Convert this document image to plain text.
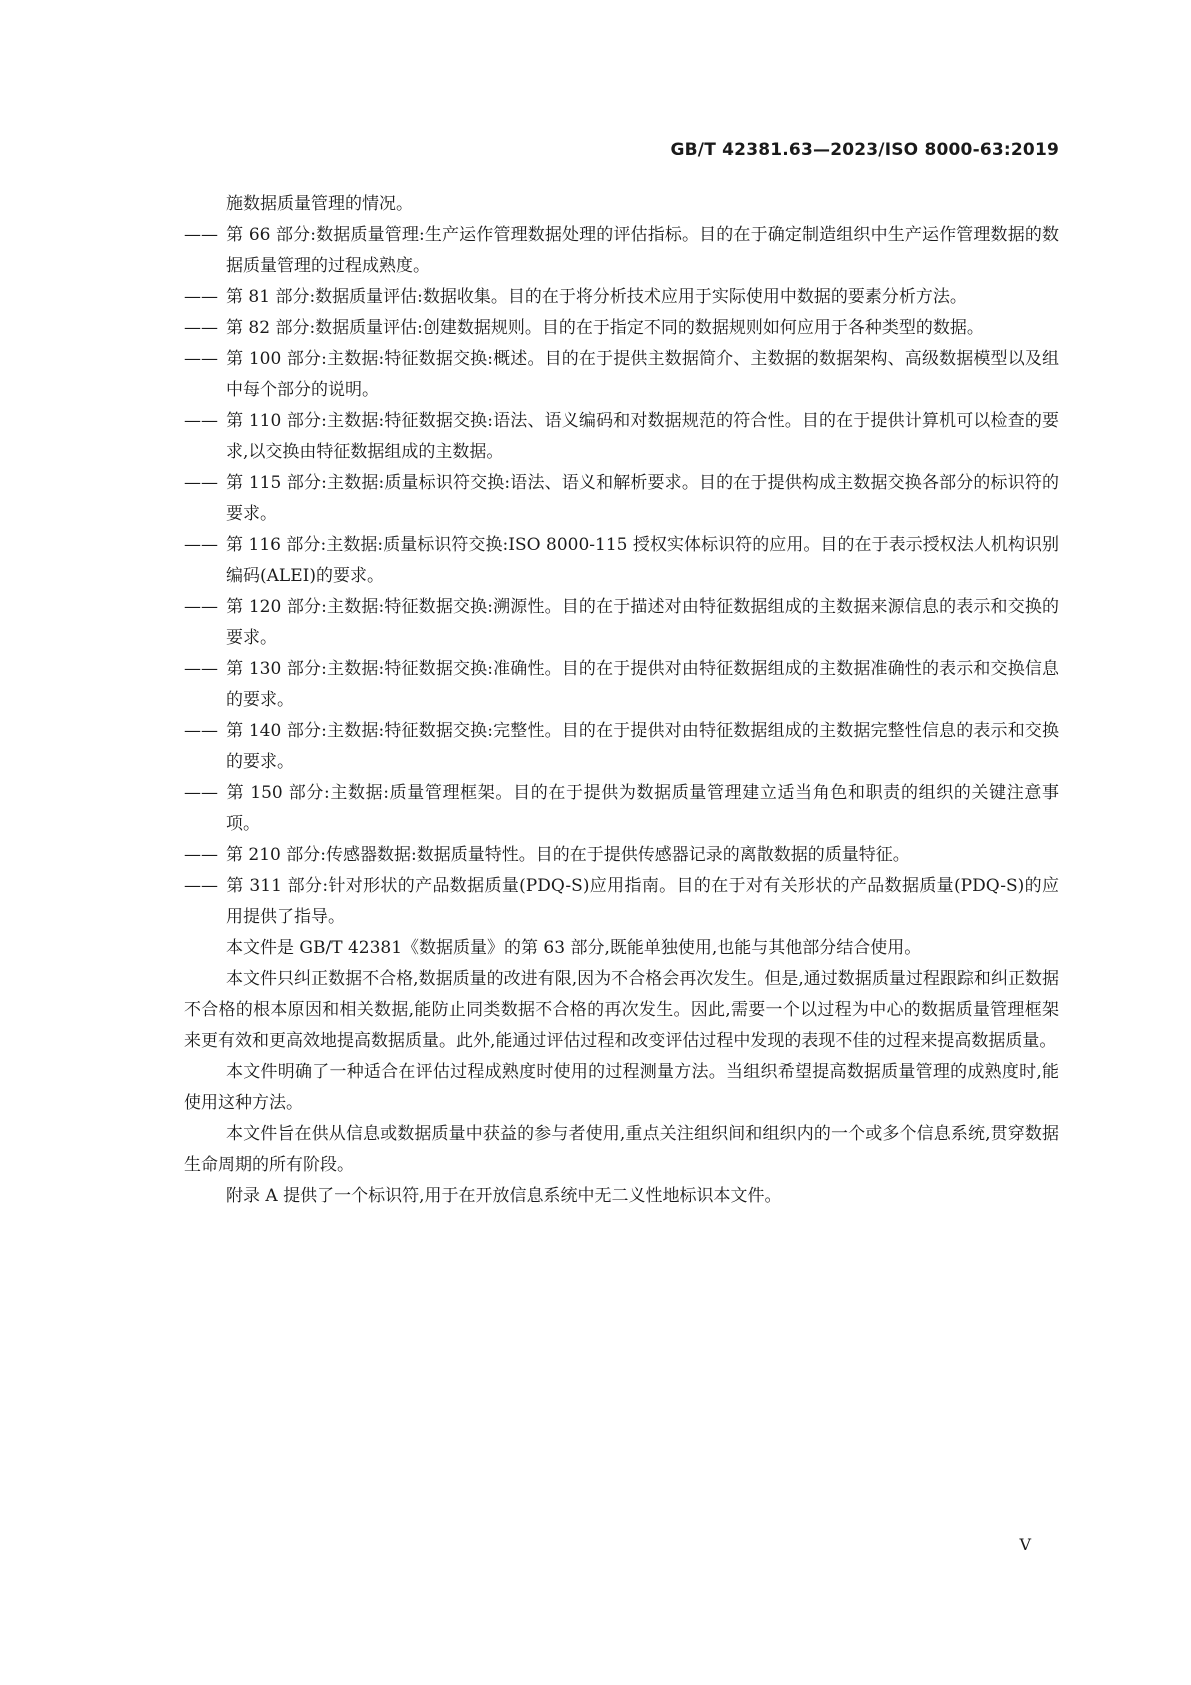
GB/T 42381.63—2023/ISO 8000-63:2019

施数据质量管理的情况。

—— 第 66 部分:数据质量管理:生产运作管理数据处理的评估指标。目的在于确定制造组织中生产运作管理数据的数据质量管理的过程成熟度。

—— 第 81 部分:数据质量评估:数据收集。目的在于将分析技术应用于实际使用中数据的要素分析方法。

—— 第 82 部分:数据质量评估:创建数据规则。目的在于指定不同的数据规则如何应用于各种类型的数据。

—— 第 100 部分:主数据:特征数据交换:概述。目的在于提供主数据简介、主数据的数据架构、高级数据模型以及组中每个部分的说明。

—— 第 110 部分:主数据:特征数据交换:语法、语义编码和对数据规范的符合性。目的在于提供计算机可以检查的要求,以交换由特征数据组成的主数据。

—— 第 115 部分:主数据:质量标识符交换:语法、语义和解析要求。目的在于提供构成主数据交换各部分的标识符的要求。

—— 第 116 部分:主数据:质量标识符交换:ISO 8000-115 授权实体标识符的应用。目的在于表示授权法人机构识别编码(ALEI)的要求。

—— 第 120 部分:主数据:特征数据交换:溯源性。目的在于描述对由特征数据组成的主数据来源信息的表示和交换的要求。

—— 第 130 部分:主数据:特征数据交换:准确性。目的在于提供对由特征数据组成的主数据准确性的表示和交换信息的要求。

—— 第 140 部分:主数据:特征数据交换:完整性。目的在于提供对由特征数据组成的主数据完整性信息的表示和交换的要求。

—— 第 150 部分:主数据:质量管理框架。目的在于提供为数据质量管理建立适当角色和职责的组织的关键注意事项。

—— 第 210 部分:传感器数据:数据质量特性。目的在于提供传感器记录的离散数据的质量特征。

—— 第 311 部分:针对形状的产品数据质量(PDQ-S)应用指南。目的在于对有关形状的产品数据质量(PDQ-S)的应用提供了指导。

本文件是 GB/T 42381《数据质量》的第 63 部分,既能单独使用,也能与其他部分结合使用。

本文件只纠正数据不合格,数据质量的改进有限,因为不合格会再次发生。但是,通过数据质量过程跟踪和纠正数据不合格的根本原因和相关数据,能防止同类数据不合格的再次发生。因此,需要一个以过程为中心的数据质量管理框架来更有效和更高效地提高数据质量。此外,能通过评估过程和改变评估过程中发现的表现不佳的过程来提高数据质量。

本文件明确了一种适合在评估过程成熟度时使用的过程测量方法。当组织希望提高数据质量管理的成熟度时,能使用这种方法。

本文件旨在供从信息或数据质量中获益的参与者使用,重点关注组织间和组织内的一个或多个信息系统,贯穿数据生命周期的所有阶段。

附录 A 提供了一个标识符,用于在开放信息系统中无二义性地标识本文件。

V
